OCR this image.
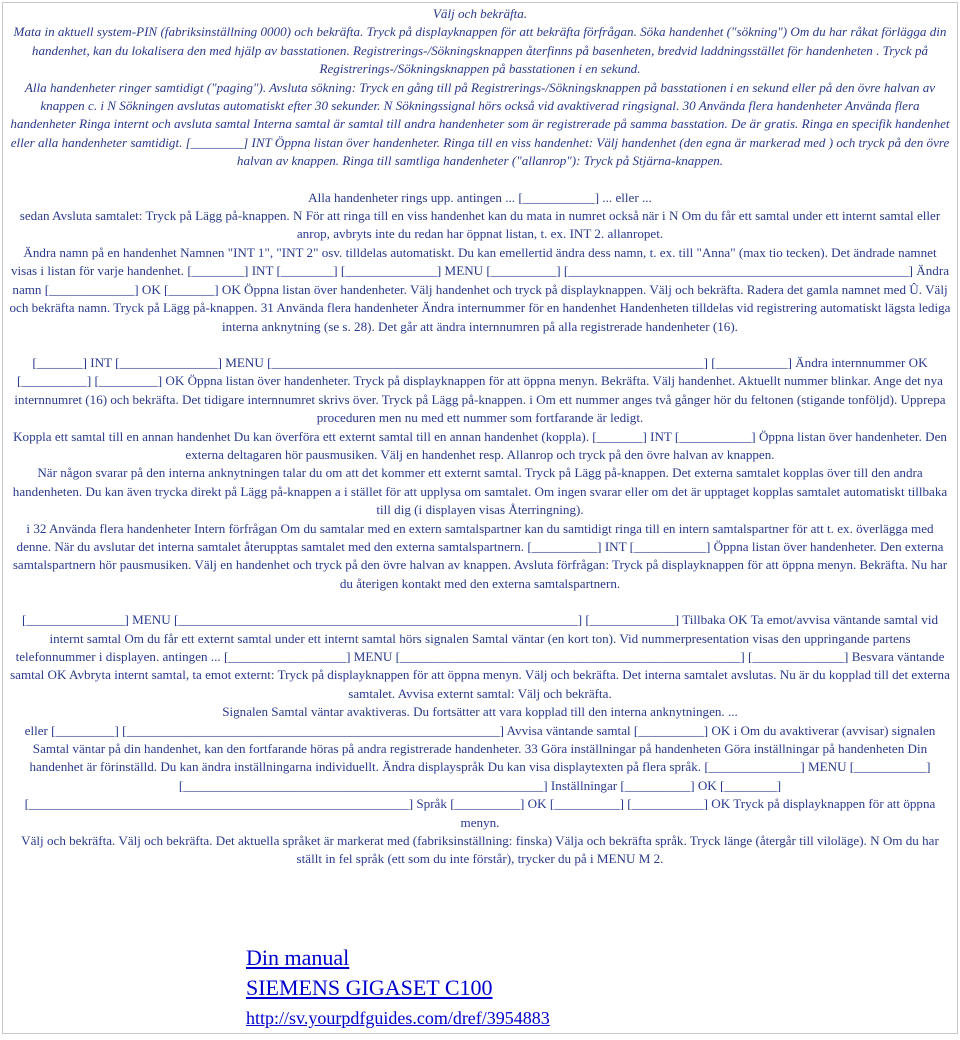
Välj och bekräfta.

Mata in aktuell system-PIN (fabriksinställning 0000) och bekräfta. Tryck på displayknappen för att bekräfta förfrågan. Söka handenhet ("sökning") Om du har råkat förlägga din handenhet, kan du lokalisera den med hjälp av basstationen. Registrerings-/Sökningsknappen återfinns på basenheten, bredvid laddningsstället för handenheten . Tryck på Registrerings-/Sökningsknappen på basstationen i en sekund.

Alla handenheter ringer samtidigt ("paging"). Avsluta sökning: Tryck en gång till på Registrerings-/Sökningsknappen på basstationen i en sekund eller på den övre halvan av knappen c. i N Sökningen avslutas automatiskt efter 30 sekunder. N Sökningssignal hörs också vid avaktiverad ringsignal. 30 Använda flera handenheter Använda flera handenheter Ringa internt och avsluta samtal Interna samtal är samtal till andra handenheter som är registrerade på samma basstation. De är gratis. Ringa en specifik handenhet eller alla handenheter samtidigt. [________] INT Öppna listan över handenheter. Ringa till en viss handenhet: Välj handenhet (den egna är markerad med ) och tryck på den övre halvan av knappen. Ringa till samtliga handenheter ("allanrop"): Tryck på Stjärna-knappen.

Alla handenheter rings upp. antingen ... [___________] ... eller ...

sedan Avsluta samtalet: Tryck på Lägg på-knappen. N För att ringa till en viss handenhet kan du mata in numret också när i N Om du får ett samtal under ett internt samtal eller anrop, avbryts inte du redan har öppnat listan, t. ex. INT 2. allanropet.

Ändra namn på en handenhet Namnen "INT 1", "INT 2" osv. tilldelas automatiskt. Du kan emellertid ändra dess namn, t. ex. till "Anna" (max tio tecken). Det ändrade namnet visas i listan för varje handenhet. [________] INT [________] [______________] MENU [__________] [____________________________________________________] Ändra namn [_____________] OK [_______] OK Öppna listan över handenheter. Välj handenhet och tryck på displayknappen. Välj och bekräfta. Radera det gamla namnet med Û. Välj och bekräfta namn. Tryck på Lägg på-knappen. 31 Använda flera handenheter Ändra internummer för en handenhet Handenheten tilldelas vid registrering automatiskt lägsta lediga interna anknytning (se s. 28). Det går att ändra internnumren på alla registrerade handenheter (16).

[_______] INT [_______________] MENU [__________________________________________________________________] [___________] Ändra internnummer OK [__________] [_________] OK Öppna listan över handenheter. Tryck på displayknappen för att öppna menyn. Bekräfta. Välj handenhet. Aktuellt nummer blinkar. Ange det nya internnumret (16) och bekräfta. Det tidigare internnumret skrivs över. Tryck på Lägg på-knappen. i Om ett nummer anges två gånger hör du feltonen (stigande tonföljd). Upprepa proceduren men nu med ett nummer som fortfarande är ledigt.

Koppla ett samtal till en annan handenhet Du kan överföra ett externt samtal till en annan handenhet (koppla). [_______] INT [___________] Öppna listan över handenheter. Den externa deltagaren hör pausmusiken. Välj en handenhet resp. Allanrop och tryck på den övre halvan av knappen.

När någon svarar på den interna anknytningen talar du om att det kommer ett externt samtal. Tryck på Lägg på-knappen. Det externa samtalet kopplas över till den andra handenheten. Du kan även trycka direkt på Lägg på-knappen a i stället för att upplysa om samtalet. Om ingen svarar eller om det är upptaget kopplas samtalet automatiskt tillbaka till dig (i displayen visas Återringning).

i 32 Använda flera handenheter Intern förfrågan Om du samtalar med en extern samtalspartner kan du samtidigt ringa till en intern samtalspartner för att t. ex. överlägga med denne. När du avslutar det interna samtalet återupptas samtalet med den externa samtalspartnern. [__________] INT [___________] Öppna listan över handenheter. Den externa samtalspartnern hör pausmusiken. Välj en handenhet och tryck på den övre halvan av knappen. Avsluta förfrågan: Tryck på displayknappen för att öppna menyn. Bekräfta. Nu har du återigen kontakt med den externa samtalspartnern.

[_______________] MENU [_____________________________________________________________] [_____________] Tillbaka OK Ta emot/avvisa väntande samtal vid internt samtal Om du får ett externt samtal under ett internt samtal hörs signalen Samtal väntar (en kort ton). Vid nummerpresentation visas den uppringande partens telefonnummer i displayen. antingen ... [__________________] MENU [____________________________________________________] [______________] Besvara väntande samtal OK Avbryta internt samtal, ta emot externt: Tryck på displayknappen för att öppna menyn. Välj och bekräfta. Det interna samtalet avslutas. Nu är du kopplad till det externa samtalet. Avvisa externt samtal: Välj och bekräfta.

Signalen Samtal väntar avaktiveras. Du fortsätter att vara kopplad till den interna anknytningen. ...

eller [_________] [_________________________________________________________] Avvisa väntande samtal [__________] OK i Om du avaktiverar (avvisar) signalen Samtal väntar på din handenhet, kan den fortfarande höras på andra registrerade handenheter. 33 Göra inställningar på handenheten Göra inställningar på handenheten Din handenhet är förinställd. Du kan ändra inställningarna individuellt. Ändra displayspråk Du kan visa displaytexten på flera språk. [______________] MENU [___________] [_______________________________________________________] Inställningar [__________] OK [________] [__________________________________________________________] Språk [__________] OK [__________] [___________] OK Tryck på displayknappen för att öppna menyn.

Välj och bekräfta. Välj och bekräfta. Det aktuella språket är markerat med (fabriksinställning: finska) Välja och bekräfta språk. Tryck länge (återgår till viloläge). N Om du har ställt in fel språk (ett som du inte förstår), trycker du på i MENU M 2.

Din manual
SIEMENS GIGASET C100
http://sv.yourpdfguides.com/dref/3954883
